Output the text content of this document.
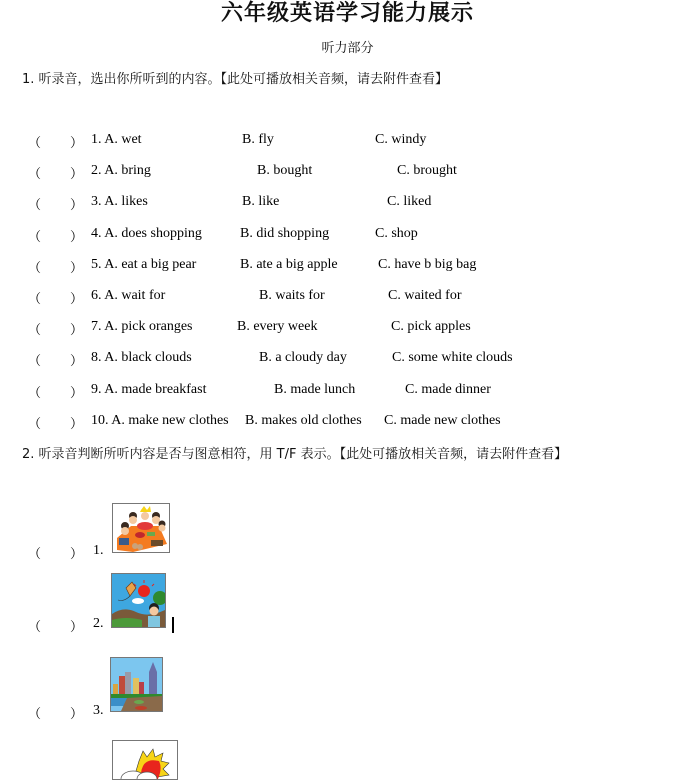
六年级英语学习能力展示
听力部分
1. 听录音，选出你所听到的内容。【此处可播放相关音频，请去附件查看】
（ ） 1. A. wet	B. fly	C. windy
（ ） 2. A. bring	B. bought	C. brought
（ ） 3. A. likes	B. like	C. liked
（ ） 4. A. does shopping	B. did shopping	C. shop
（ ） 5. A. eat a big pear	B. ate a big apple	C. have b big bag
（ ） 6. A. wait for	B. waits for	C. waited for
（ ） 7. A. pick oranges	B. every week	C. pick apples
（ ） 8. A. black clouds	B. a cloudy day	C. some white clouds
（ ） 9. A. made breakfast	B. made lunch	C. made dinner
（ ） 10. A. make new clothes B. makes old clothes C. made new clothes
2. 听录音判断所听内容是否与图意相符，用 T/F 表示。【此处可播放相关音频，请去附件查看】
（ ） 1.
（ ） 2.
（ ） 3.
